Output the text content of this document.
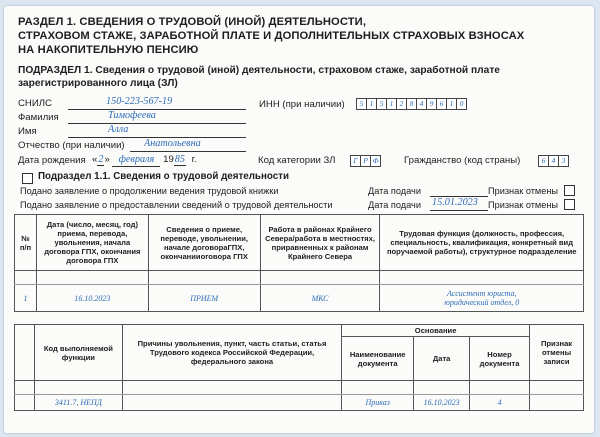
РАЗДЕЛ 1. СВЕДЕНИЯ О ТРУДОВОЙ (ИНОЙ) ДЕЯТЕЛЬНОСТИ,
СТРАХОВОМ СТАЖЕ, ЗАРАБОТНОЙ ПЛАТЕ И ДОПОЛНИТЕЛЬНЫХ СТРАХОВЫХ ВЗНОСАХ
НА НАКОПИТЕЛЬНУЮ ПЕНСИЮ
ПОДРАЗДЕЛ 1. Сведения о трудовой (иной) деятельности, страховом стаже, заработной плате
зарегистрированного лица (ЗЛ)
СНИЛС	150-223-567-19	ИНН (при наличии)	5 1 5 1 2 8 4 9 6 1 0
Фамилия	Тимофеева
Имя	Алла
Отчество (при наличии) Анатольевна
Дата рождения «2» февраля 1985 г.	Код категории ЗЛ	Г Р Ф	Гражданство (код страны)	6 4 3
Подраздел 1.1. Сведения о трудовой деятельности
Подано заявление о продолжении ведения трудовой книжки	Дата подачи	Признак отмены
Подано заявление о предоставлении сведений о трудовой деятельности	Дата подачи 15.01.2023 Признак отмены
№ п/п	Дата (число, месяц, год) приема, перевода, увольнения, начала договора ГПХ, окончания договора ГПХ	Сведения о приеме, переводе, увольнении, начале договораГПХ, окончанииoговора ГПХ	Работа в районах Крайнего Севера/работа в местностях, приравненных к районам Крайнего Севера	Трудовая функция (должность, профессия, специальность, квалификация, конкретный вид поручаемой работы), структурное подразделение

1	16.10.2023	ПРИЕМ	МКС	Ассистент юриста,
юридический отдел, 0
	Код выполняемой функции	Причины увольнения, пункт, часть статьи, статья Трудового кодекса Российской Федерации, федерального закона	Основание			Признак отмены записи
			Наименование документа	Дата	Номер документа	

	3411.7, НЕПД		Приказ	16.10.2023	4	
